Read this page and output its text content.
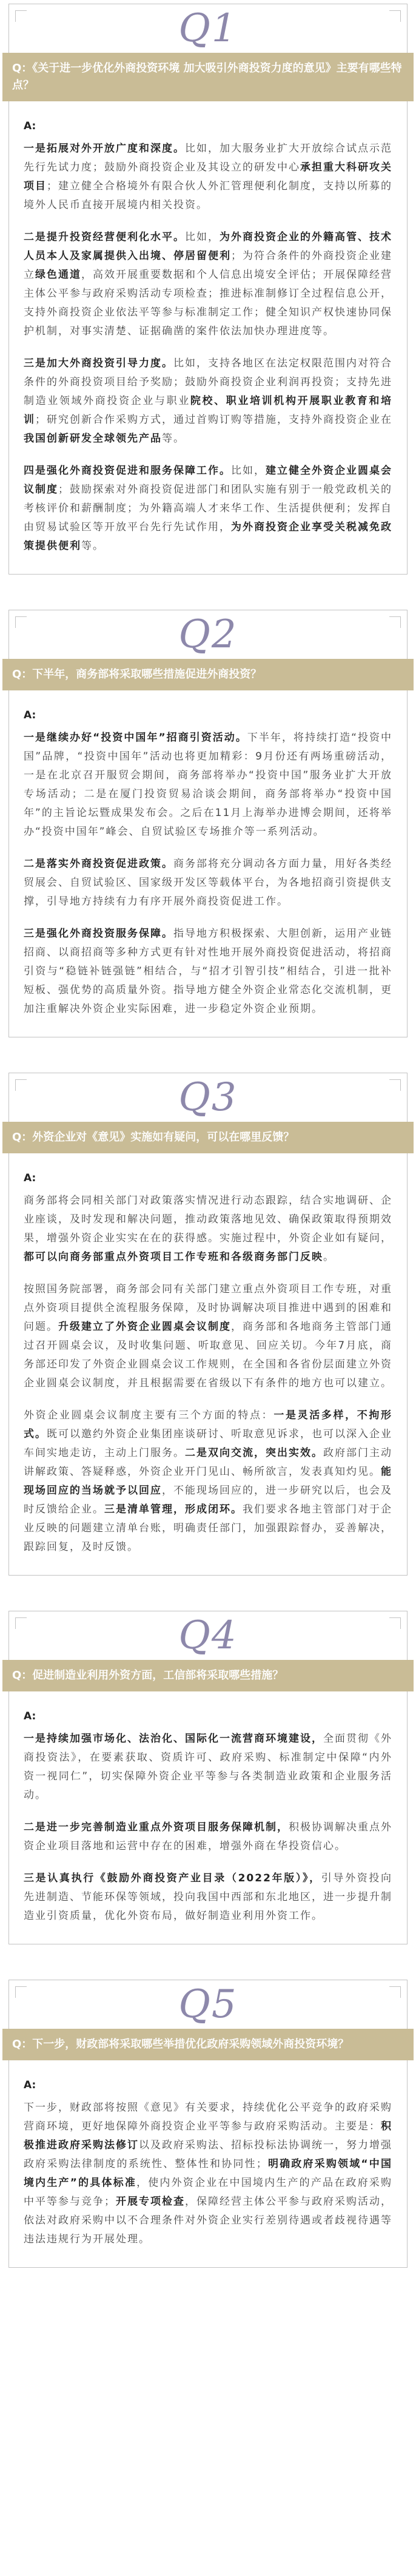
Q1
Q：《关于进一步优化外商投资环境 加大吸引外商投资力度的意见》主要有哪些特点？
A:

一是拓展对外开放广度和深度。比如，加大服务业扩大开放综合试点示范先行先试力度；鼓励外商投资企业及其设立的研发中心承担重大科研攻关项目；建立健全合格境外有限合伙人外汇管理便利化制度，支持以所募的境外人民币直接开展境内相关投资。

二是提升投资经营便利化水平。比如，为外商投资企业的外籍高管、技术人员本人及家属提供入出境、停居留便利；为符合条件的外商投资企业建立绿色通道，高效开展重要数据和个人信息出境安全评估；开展保障经营主体公平参与政府采购活动专项检查；推进标准制修订全过程信息公开，支持外商投资企业依法平等参与标准制定工作；健全知识产权快速协同保护机制，对事实清楚、证据确凿的案件依法加快办理进度等。

三是加大外商投资引导力度。比如，支持各地区在法定权限范围内对符合条件的外商投资项目给予奖励；鼓励外商投资企业利润再投资；支持先进制造业领域外商投资企业与职业院校、职业培训机构开展职业教育和培训；研究创新合作采购方式，通过首购订购等措施，支持外商投资企业在我国创新研发全球领先产品等。

四是强化外商投资促进和服务保障工作。比如，建立健全外资企业圆桌会议制度；鼓励探索对外商投资促进部门和团队实施有别于一般党政机关的考核评价和薪酬制度；为外籍高端人才来华工作、生活提供便利；发挥自由贸易试验区等开放平台先行先试作用，为外商投资企业享受关税减免政策提供便利等。

Q2
Q：下半年，商务部将采取哪些措施促进外商投资？
A:

一是继续办好“投资中国年”招商引资活动。下半年，将持续打造“投资中国”品牌，“投资中国年”活动也将更加精彩：9月份还有两场重磅活动，一是在北京召开服贸会期间，商务部将举办“投资中国”服务业扩大开放专场活动；二是在厦门投资贸易洽谈会期间，商务部将举办“投资中国年”的主旨论坛暨成果发布会。之后在11月上海举办进博会期间，还将举办“投资中国年”峰会、自贸试验区专场推介等一系列活动。

二是落实外商投资促进政策。商务部将充分调动各方面力量，用好各类经贸展会、自贸试验区、国家级开发区等载体平台，为各地招商引资提供支撑，引导地方持续有力有序开展外商投资促进工作。

三是强化外商投资服务保障。指导地方积极探索、大胆创新，运用产业链招商、以商招商等多种方式更有针对性地开展外商投资促进活动，将招商引资与“稳链补链强链”相结合，与“招才引智引技”相结合，引进一批补短板、强优势的高质量外资。指导地方健全外资企业常态化交流机制，更加注重解决外资企业实际困难，进一步稳定外资企业预期。

Q3
Q：外资企业对《意见》实施如有疑问，可以在哪里反馈？
A:

商务部将会同相关部门对政策落实情况进行动态跟踪，结合实地调研、企业座谈，及时发现和解决问题，推动政策落地见效、确保政策取得预期效果，增强外资企业实实在在的获得感。实施过程中，外资企业如有疑问，都可以向商务部重点外资项目工作专班和各级商务部门反映。

按照国务院部署，商务部会同有关部门建立重点外资项目工作专班，对重点外资项目提供全流程服务保障，及时协调解决项目推进中遇到的困难和问题。升级建立了外资企业圆桌会议制度，商务部和各地商务主管部门通过召开圆桌会议，及时收集问题、听取意见、回应关切。今年7月底，商务部还印发了外资企业圆桌会议工作规则，在全国和各省份层面建立外资企业圆桌会议制度，并且根据需要在省级以下有条件的地方也可以建立。

外资企业圆桌会议制度主要有三个方面的特点：一是灵活多样，不拘形式。既可以邀约外资企业集团座谈研讨、听取意见诉求，也可以深入企业车间实地走访，主动上门服务。二是双向交流，突出实效。政府部门主动讲解政策、答疑释惑，外资企业开门见山、畅所欲言，发表真知灼见。能现场回应的当场就予以回应，不能现场回应的，进一步研究以后，也会及时反馈给企业。三是清单管理，形成闭环。我们要求各地主管部门对于企业反映的问题建立清单台账，明确责任部门，加强跟踪督办，妥善解决，跟踪回复，及时反馈。

Q4
Q：促进制造业利用外资方面，工信部将采取哪些措施？
A:

一是持续加强市场化、法治化、国际化一流营商环境建设，全面贯彻《外商投资法》，在要素获取、资质许可、政府采购、标准制定中保障“内外资一视同仁”，切实保障外资企业平等参与各类制造业政策和企业服务活动。

二是进一步完善制造业重点外资项目服务保障机制，积极协调解决重点外资企业项目落地和运营中存在的困难，增强外商在华投资信心。

三是认真执行《鼓励外商投资产业目录（2022年版）》，引导外资投向先进制造、节能环保等领域，投向我国中西部和东北地区，进一步提升制造业引资质量，优化外资布局，做好制造业利用外资工作。

Q5
Q：下一步，财政部将采取哪些举措优化政府采购领域外商投资环境？
A:

下一步，财政部将按照《意见》有关要求，持续优化公平竞争的政府采购营商环境，更好地保障外商投资企业平等参与政府采购活动。主要是：积极推进政府采购法修订以及政府采购法、招标投标法协调统一，努力增强政府采购法律制度的系统性、整体性和协同性；明确政府采购领域“中国境内生产”的具体标准，使内外资企业在中国境内生产的产品在政府采购中平等参与竞争；开展专项检查，保障经营主体公平参与政府采购活动，依法对政府采购中以不合理条件对外资企业实行差别待遇或者歧视待遇等违法违规行为开展处理。
